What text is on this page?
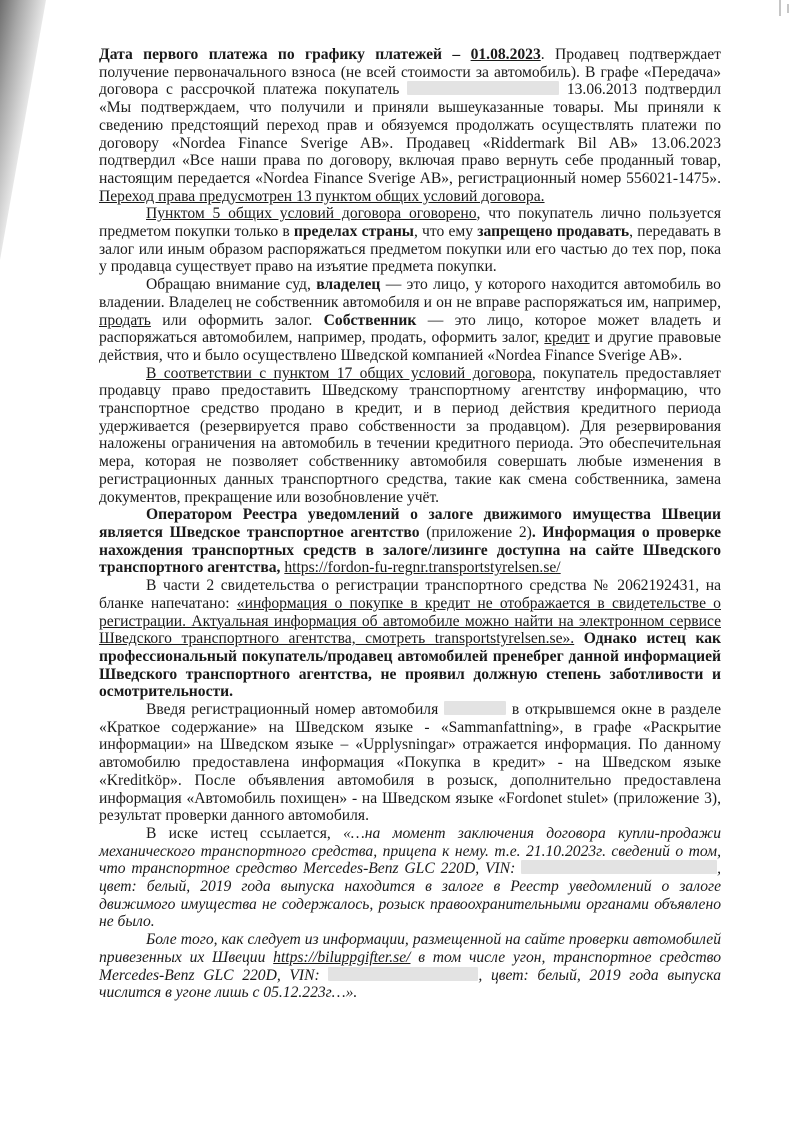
Дата первого платежа по графику платежей – 01.08.2023. Продавец подтверждает получение первоначального взноса (не всей стоимости за автомобиль). В графе «Передача» договора с рассрочкой платежа покупатель	13.06.2013 подтвердил «Мы подтверждаем, что получили и приняли вышеуказанные товары. Мы приняли к сведению предстоящий переход прав и обязуемся продолжать осуществлять платежи по договору «Nordea Finance Sverige AB». Продавец «Riddermark Bil AB» 13.06.2023 подтвердил «Все наши права по договору, включая право вернуть себе проданный товар, настоящим передается «Nordea Finance Sverige AB», регистрационный номер 556021-1475». Переход права предусмотрен 13 пунктом общих условий договора.

Пунктом 5 общих условий договора оговорено, что покупатель лично пользуется предметом покупки только в пределах страны, что ему запрещено продавать, передавать в залог или иным образом распоряжаться предметом покупки или его частью до тех пор, пока у продавца существует право на изъятие предмета покупки.

Обращаю внимание суд, владелец — это лицо, у которого находится автомобиль во владении. Владелец не собственник автомобиля и он не вправе распоряжаться им, например, продать или оформить залог. Собственник — это лицо, которое может владеть и распоряжаться автомобилем, например, продать, оформить залог, кредит и другие правовые действия, что и было осуществлено Шведской компанией «Nordea Finance Sverige AB».

В соответствии с пунктом 17 общих условий договора, покупатель предоставляет продавцу право предоставить Шведскому транспортному агентству информацию, что транспортное средство продано в кредит, и в период действия кредитного периода удерживается (резервируется право собственности за продавцом). Для резервирования наложены ограничения на автомобиль в течении кредитного периода. Это обеспечительная мера, которая не позволяет собственнику автомобиля совершать любые изменения в регистрационных данных транспортного средства, такие как смена собственника, замена документов, прекращение или возобновление учёт.

Оператором Реестра уведомлений о залоге движимого имущества Швеции является Шведское транспортное агентство (приложение 2). Информация о проверке нахождения транспортных средств в залоге/лизинге доступна на сайте Шведского транспортного агентства, https://fordon-fu-regnr.transportstyrelsen.se/

В части 2 свидетельства о регистрации транспортного средства № 2062192431, на бланке напечатано: «информация о покупке в кредит не отображается в свидетельстве о регистрации. Актуальная информация об автомобиле можно найти на электронном сервисе Шведского транспортного агентства, смотреть transportstyrelsen.se». Однако истец как профессиональный покупатель/продавец автомобилей пренебрег данной информацией Шведского транспортного агентства, не проявил должную степень заботливости и осмотрительности.

Введя регистрационный номер автомобиля	в открывшемся окне в разделе «Краткое содержание» на Шведском языке - «Sammanfattning», в графе «Раскрытие информации» на Шведском языке – «Upplysningar» отражается информация. По данному автомобилю предоставлена информация «Покупка в кредит» - на Шведском языке «Kreditköp». После объявления автомобиля в розыск, дополнительно предоставлена информация «Автомобиль похищен» - на Шведском языке «Fordonet stulet» (приложение 3), результат проверки данного автомобиля.

В иске истец ссылается, «…на момент заключения договора купли-продажи механического транспортного средства, прицепа к нему. т.е. 21.10.2023г. сведений о том, что транспортное средство Mercedes-Benz GLC 220D, VIN:	, цвет: белый, 2019 года выпуска находится в залоге в Реестр уведомлений о залоге движимого имущества не содержалось, розыск правоохранительными органами объявлено не было.

Боле того, как следует из информации, размещенной на сайте проверки автомобилей привезенных их Швеции https://biluppgifter.se/ в том числе угон, транспортное средство Mercedes-Benz GLC 220D, VIN:	, цвет: белый, 2019 года выпуска числится в угоне лишь с 05.12.223г…».
